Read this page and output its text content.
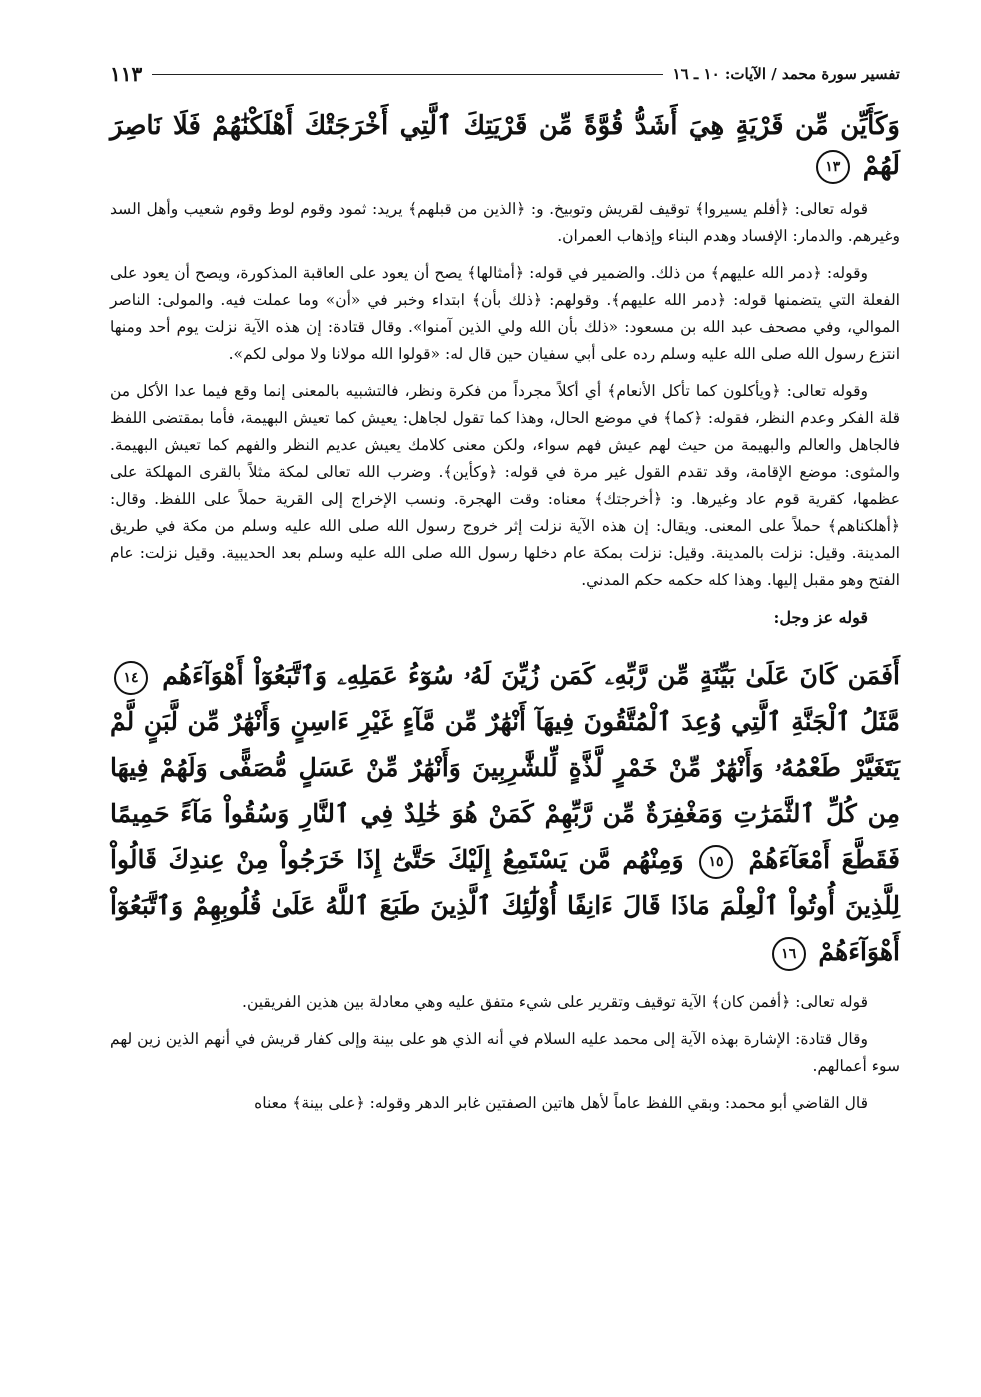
تفسير سورة محمد / الآيات: ١٠ ـ ١٦
١١٣
وَكَأَيِّن مِّن قَرْيَةٍ هِيَ أَشَدُّ قُوَّةً مِّن قَرْيَتِكَ ٱلَّتِي أَخْرَجَتْكَ أَهْلَكْنَٰهُمْ فَلَا نَاصِرَ لَهُمْ ١٣

قوله تعالى: ﴿أفلم يسيروا﴾ توقيف لقريش وتوبيخ. و: ﴿الذين من قبلهم﴾ يريد: ثمود وقوم لوط وقوم شعيب وأهل السد وغيرهم. والدمار: الإفساد وهدم البناء وإذهاب العمران.

وقوله: ﴿دمر الله عليهم﴾ من ذلك. والضمير في قوله: ﴿أمثالها﴾ يصح أن يعود على العاقبة المذكورة، ويصح أن يعود على الفعلة التي يتضمنها قوله: ﴿دمر الله عليهم﴾. وقولهم: ﴿ذلك بأن﴾ ابتداء وخبر في «أن» وما عملت فيه. والمولى: الناصر الموالي، وفي مصحف عبد الله بن مسعود: «ذلك بأن الله ولي الذين آمنوا». وقال قتادة: إن هذه الآية نزلت يوم أحد ومنها انتزع رسول الله صلى الله عليه وسلم رده على أبي سفيان حين قال له: «قولوا الله مولانا ولا مولى لكم».

وقوله تعالى: ﴿ويأكلون كما تأكل الأنعام﴾ أي أكلاً مجرداً من فكرة ونظر، فالتشبيه بالمعنى إنما وقع فيما عدا الأكل من قلة الفكر وعدم النظر، فقوله: ﴿كما﴾ في موضع الحال، وهذا كما تقول لجاهل: يعيش كما تعيش البهيمة، فأما بمقتضى اللفظ فالجاهل والعالم والبهيمة من حيث لهم عيش فهم سواء، ولكن معنى كلامك يعيش عديم النظر والفهم كما تعيش البهيمة. والمثوى: موضع الإقامة، وقد تقدم القول غير مرة في قوله: ﴿وكأين﴾. وضرب الله تعالى لمكة مثلاً بالقرى المهلكة على عظمها، كقرية قوم عاد وغيرها. و: ﴿أخرجتك﴾ معناه: وقت الهجرة. ونسب الإخراج إلى القرية حملاً على اللفظ. وقال: ﴿أهلكناهم﴾ حملاً على المعنى. ويقال: إن هذه الآية نزلت إثر خروج رسول الله صلى الله عليه وسلم من مكة في طريق المدينة. وقيل: نزلت بالمدينة. وقيل: نزلت بمكة عام دخلها رسول الله صلى الله عليه وسلم بعد الحديبية. وقيل نزلت: عام الفتح وهو مقبل إليها. وهذا كله حكمه حكم المدني.

قوله عز وجل:
أَفَمَن كَانَ عَلَىٰ بَيِّنَةٍ مِّن رَّبِّهِۦ كَمَن زُيِّنَ لَهُۥ سُوٓءُ عَمَلِهِۦ وَٱتَّبَعُوٓاْ أَهْوَآءَهُم ١٤ مَّثَلُ ٱلْجَنَّةِ ٱلَّتِي وُعِدَ ٱلْمُتَّقُونَ فِيهَآ أَنْهَٰرٌ مِّن مَّآءٍ غَيْرِ ءَاسِنٍ وَأَنْهَٰرٌ مِّن لَّبَنٍ لَّمْ يَتَغَيَّرْ طَعْمُهُۥ وَأَنْهَٰرٌ مِّنْ خَمْرٍ لَّذَّةٍ لِّلشَّٰرِبِينَ وَأَنْهَٰرٌ مِّنْ عَسَلٍ مُّصَفًّى وَلَهُمْ فِيهَا مِن كُلِّ ٱلثَّمَرَٰتِ وَمَغْفِرَةٌ مِّن رَّبِّهِمْ كَمَنْ هُوَ خَٰلِدٌ فِي ٱلنَّارِ وَسُقُواْ مَآءً حَمِيمًا فَقَطَّعَ أَمْعَآءَهُمْ ١٥ وَمِنْهُم مَّن يَسْتَمِعُ إِلَيْكَ حَتَّىٰٓ إِذَا خَرَجُواْ مِنْ عِندِكَ قَالُواْ لِلَّذِينَ أُوتُواْ ٱلْعِلْمَ مَاذَا قَالَ ءَانِفًا أُوْلَٰٓئِكَ ٱلَّذِينَ طَبَعَ ٱللَّهُ عَلَىٰ قُلُوبِهِمْ وَٱتَّبَعُوٓاْ أَهْوَآءَهُمْ ١٦

قوله تعالى: ﴿أفمن كان﴾ الآية توقيف وتقرير على شيء متفق عليه وهي معادلة بين هذين الفريقين.

وقال قتادة: الإشارة بهذه الآية إلى محمد عليه السلام في أنه الذي هو على بينة وإلى كفار قريش في أنهم الذين زين لهم سوء أعمالهم.

قال القاضي أبو محمد: وبقي اللفظ عاماً لأهل هاتين الصفتين غابر الدهر وقوله: ﴿على بينة﴾ معناه
